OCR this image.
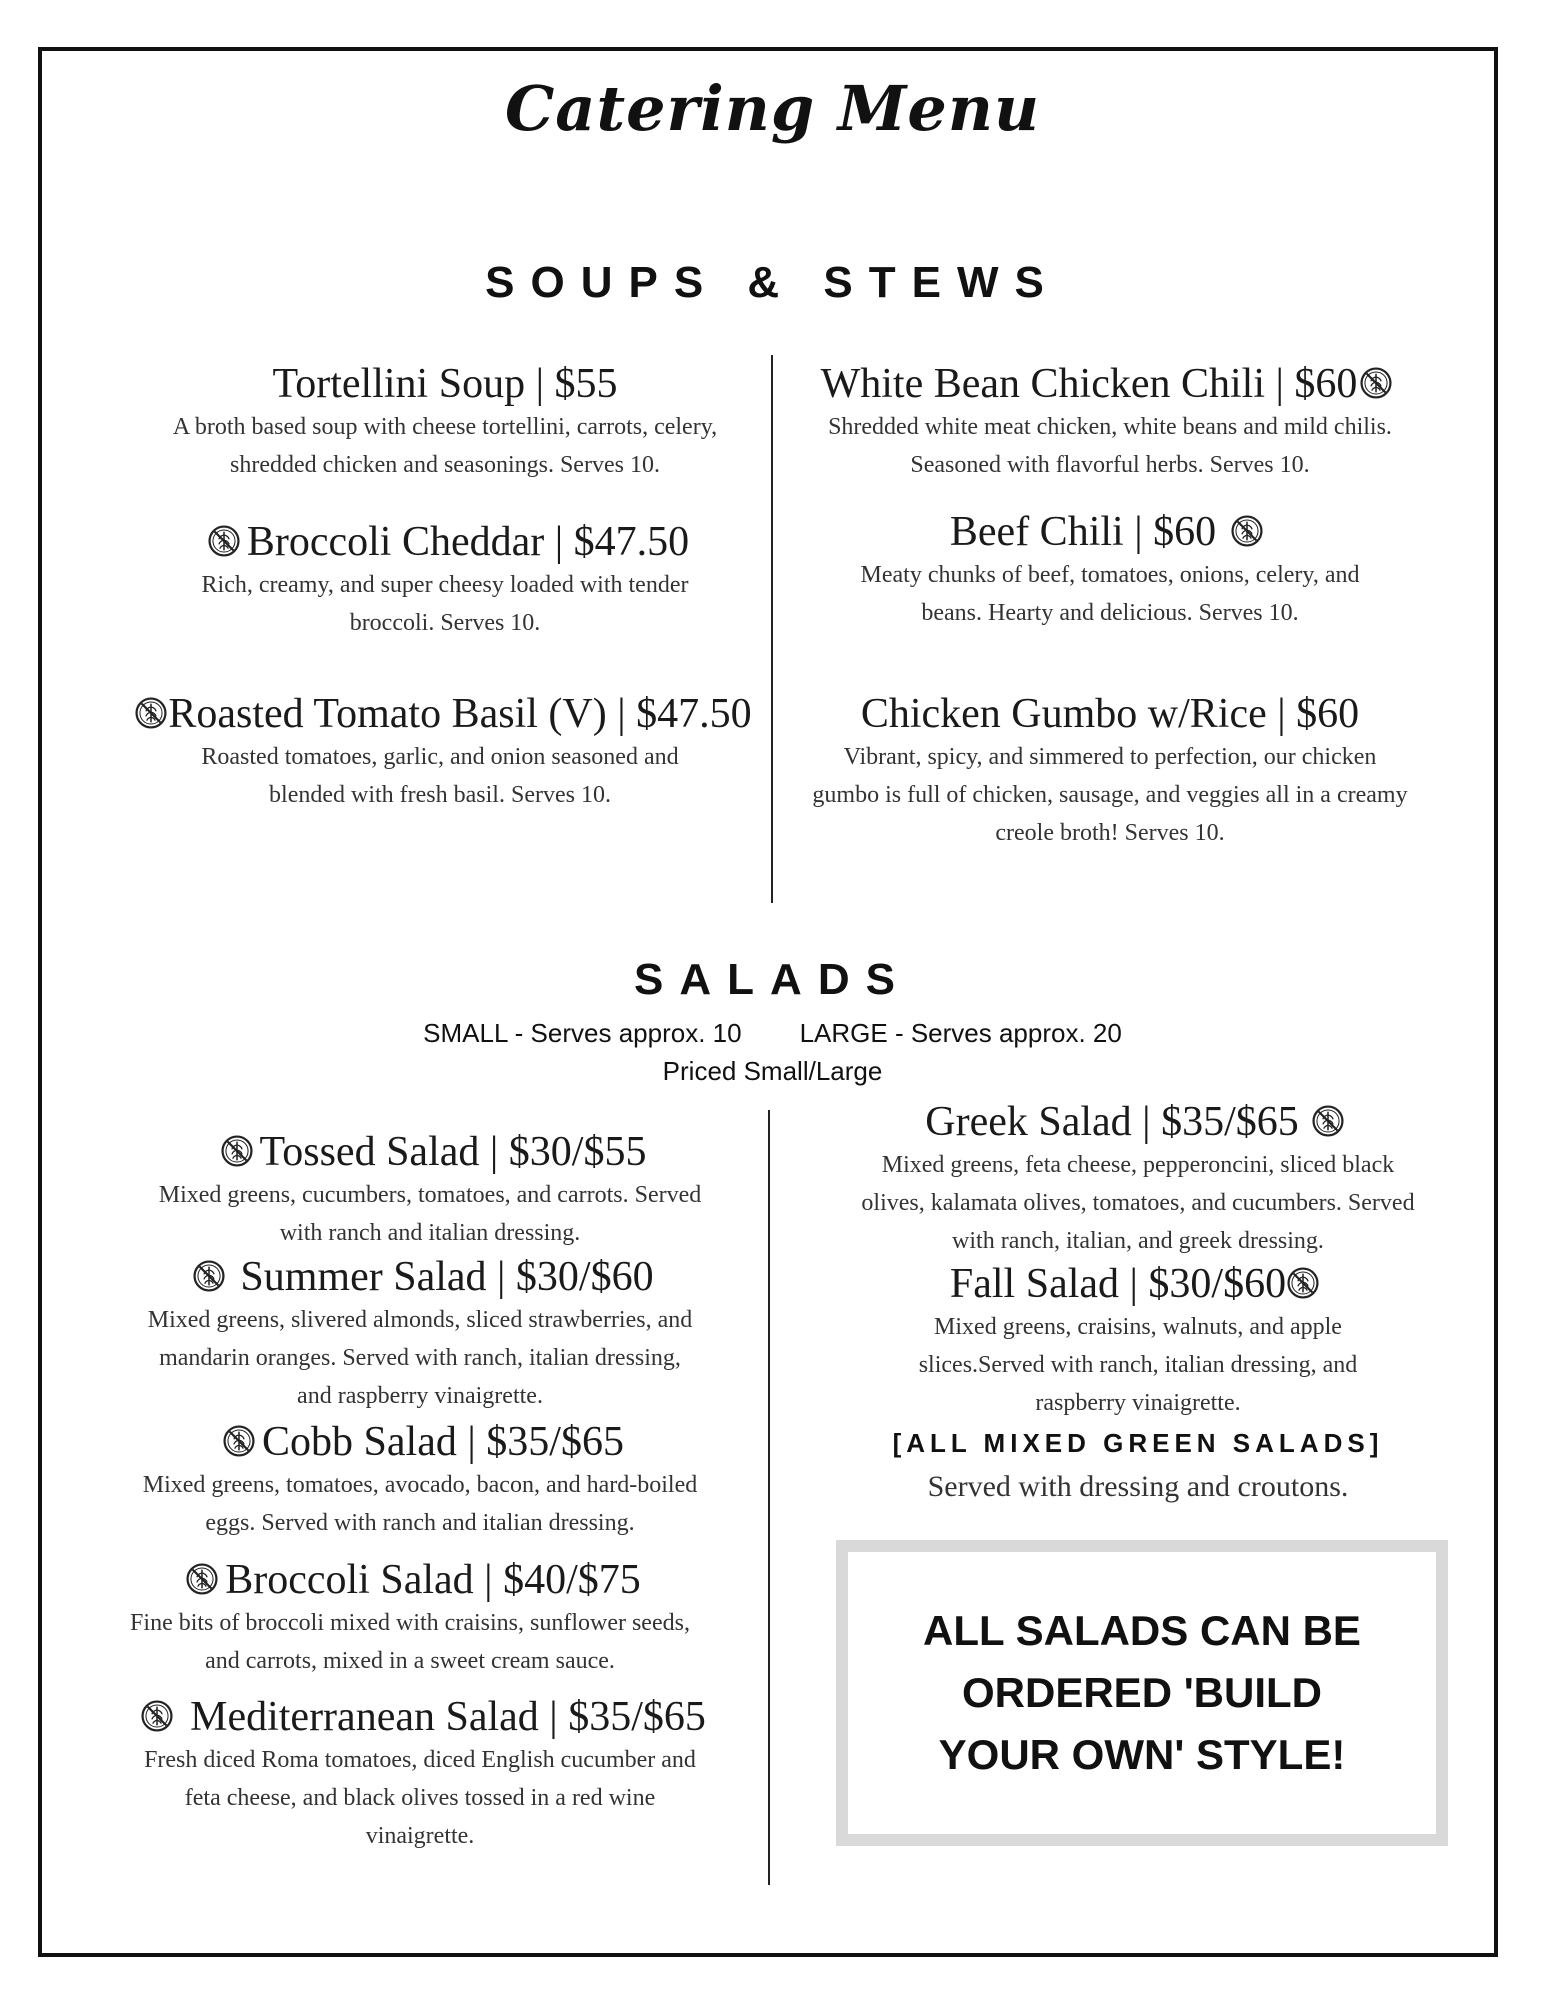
Catering Menu
SOUPS & STEWS
Tortellini Soup | $55
A broth based soup with cheese tortellini, carrots, celery, shredded chicken and seasonings. Serves 10.
Broccoli Cheddar | $47.50
Rich, creamy, and super cheesy loaded with tender broccoli. Serves 10.
Roasted Tomato Basil (V) | $47.50
Roasted tomatoes, garlic, and onion seasoned and blended with fresh basil. Serves 10.
White Bean Chicken Chili | $60
Shredded white meat chicken, white beans and mild chilis. Seasoned with flavorful herbs. Serves 10.
Beef Chili | $60
Meaty chunks of beef, tomatoes, onions, celery, and beans. Hearty and delicious. Serves 10.
Chicken Gumbo w/Rice | $60
Vibrant, spicy, and simmered to perfection, our chicken gumbo is full of chicken, sausage, and veggies all in a creamy creole broth! Serves 10.
SALADS
SMALL - Serves approx. 10 LARGE - Serves approx. 20
Priced Small/Large
Tossed Salad | $30/$55
Mixed greens, cucumbers, tomatoes, and carrots. Served with ranch and italian dressing.
Summer Salad | $30/$60
Mixed greens, slivered almonds, sliced strawberries, and mandarin oranges. Served with ranch, italian dressing, and raspberry vinaigrette.
Cobb Salad | $35/$65
Mixed greens, tomatoes, avocado, bacon, and hard-boiled eggs. Served with ranch and italian dressing.
Broccoli Salad | $40/$75
Fine bits of broccoli mixed with craisins, sunflower seeds, and carrots, mixed in a sweet cream sauce.
Mediterranean Salad | $35/$65
Fresh diced Roma tomatoes, diced English cucumber and feta cheese, and black olives tossed in a red wine vinaigrette.
Greek Salad | $35/$65
Mixed greens, feta cheese, pepperoncini, sliced black olives, kalamata olives, tomatoes, and cucumbers. Served with ranch, italian, and greek dressing.
Fall Salad | $30/$60
Mixed greens, craisins, walnuts, and apple slices.Served with ranch, italian dressing, and raspberry vinaigrette.
[ALL MIXED GREEN SALADS]
Served with dressing and croutons.
ALL SALADS CAN BE ORDERED 'BUILD YOUR OWN' STYLE!
